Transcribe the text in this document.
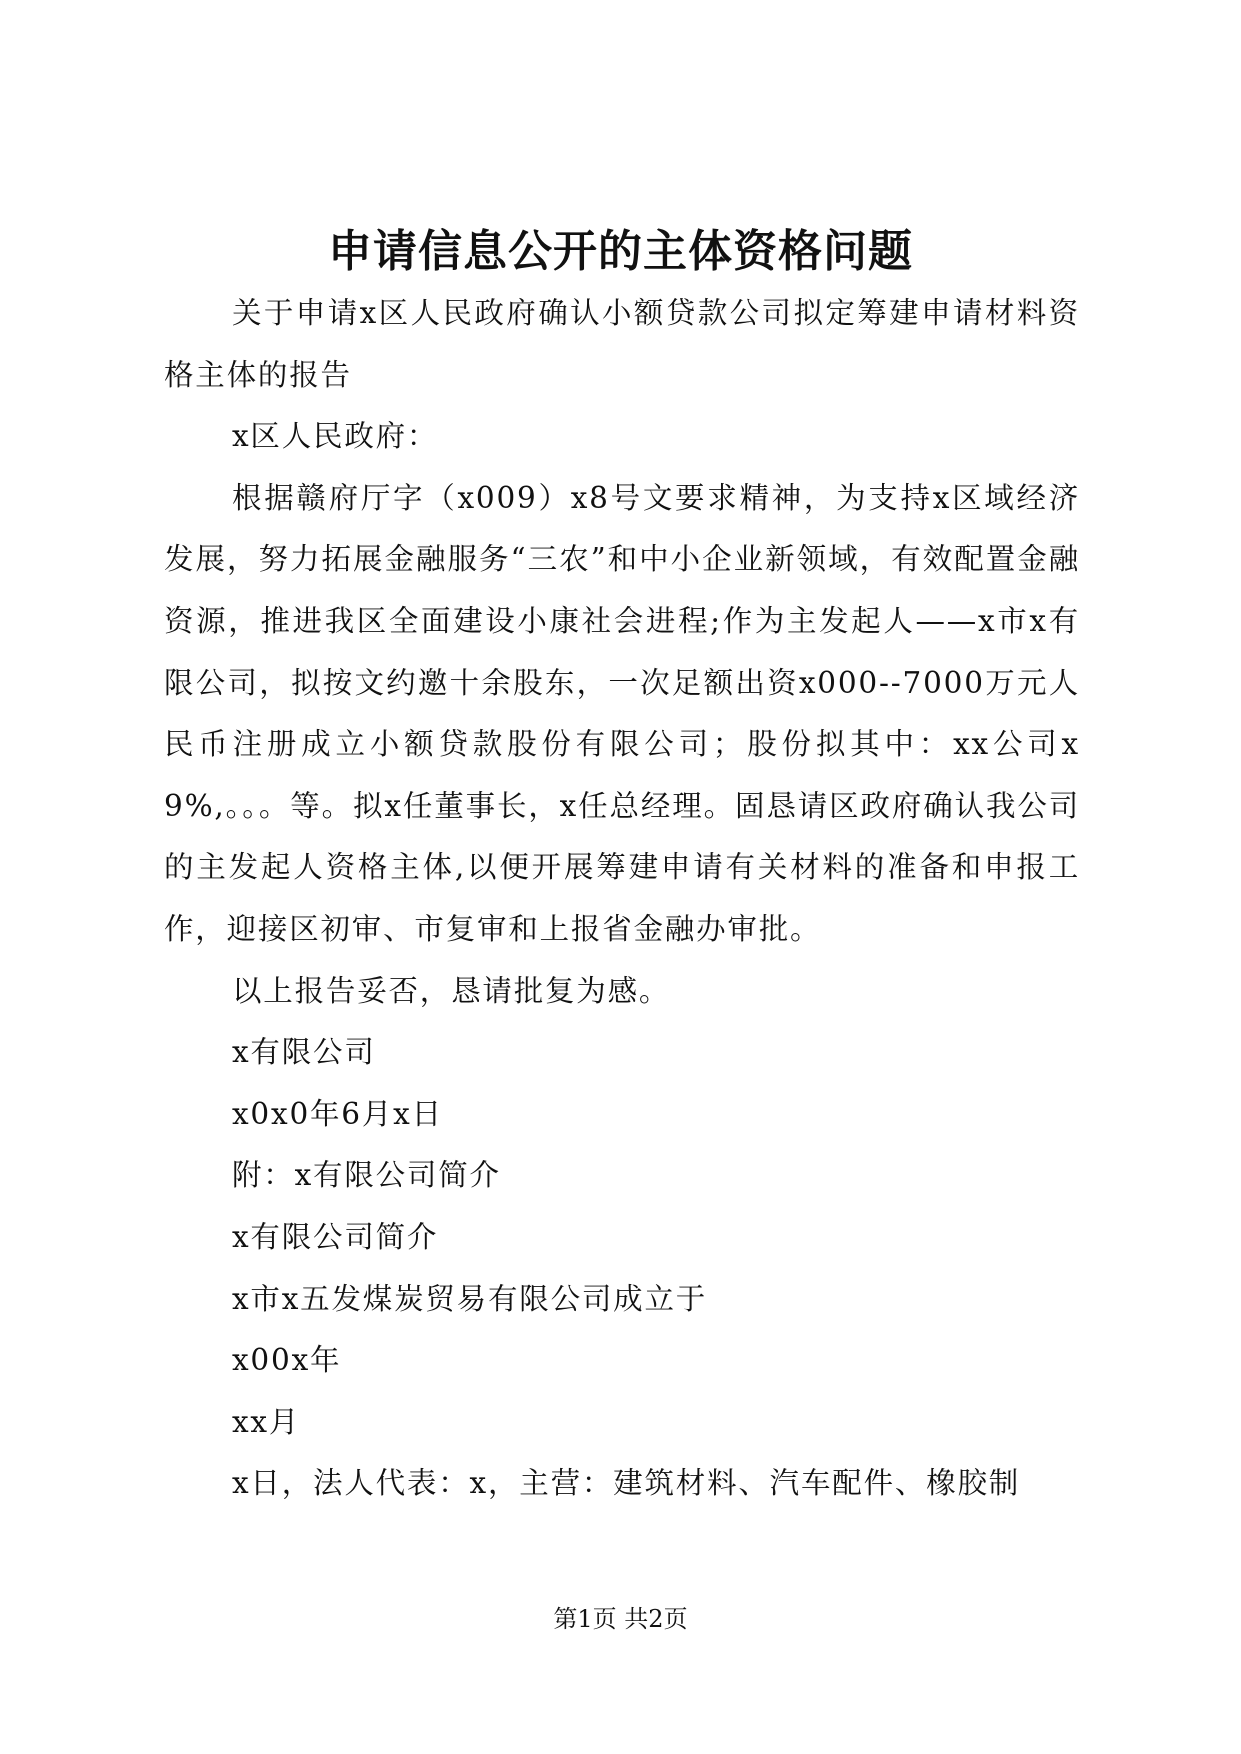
申请信息公开的主体资格问题

关于申请x区人民政府确认小额贷款公司拟定筹建申请材料资格主体的报告

x区人民政府：

根据赣府厅字（x009）x8号文要求精神，为支持x区域经济发展，努力拓展金融服务“三农”和中小企业新领域，有效配置金融资源，推进我区全面建设小康社会进程;作为主发起人——x市x有限公司，拟按文约邀十余股东，一次足额出资x000--7000万元人民币注册成立小额贷款股份有限公司；股份拟其中：xx公司x9%,。。。等。拟x任董事长，x任总经理。固恳请区政府确认我公司的主发起人资格主体,以便开展筹建申请有关材料的准备和申报工作，迎接区初审、市复审和上报省金融办审批。

以上报告妥否，恳请批复为感。

x有限公司

x0x0年6月x日

附：x有限公司简介

x有限公司简介

x市x五发煤炭贸易有限公司成立于

x00x年

xx月

x日，法人代表：x，主营：建筑材料、汽车配件、橡胶制

第1页 共2页
